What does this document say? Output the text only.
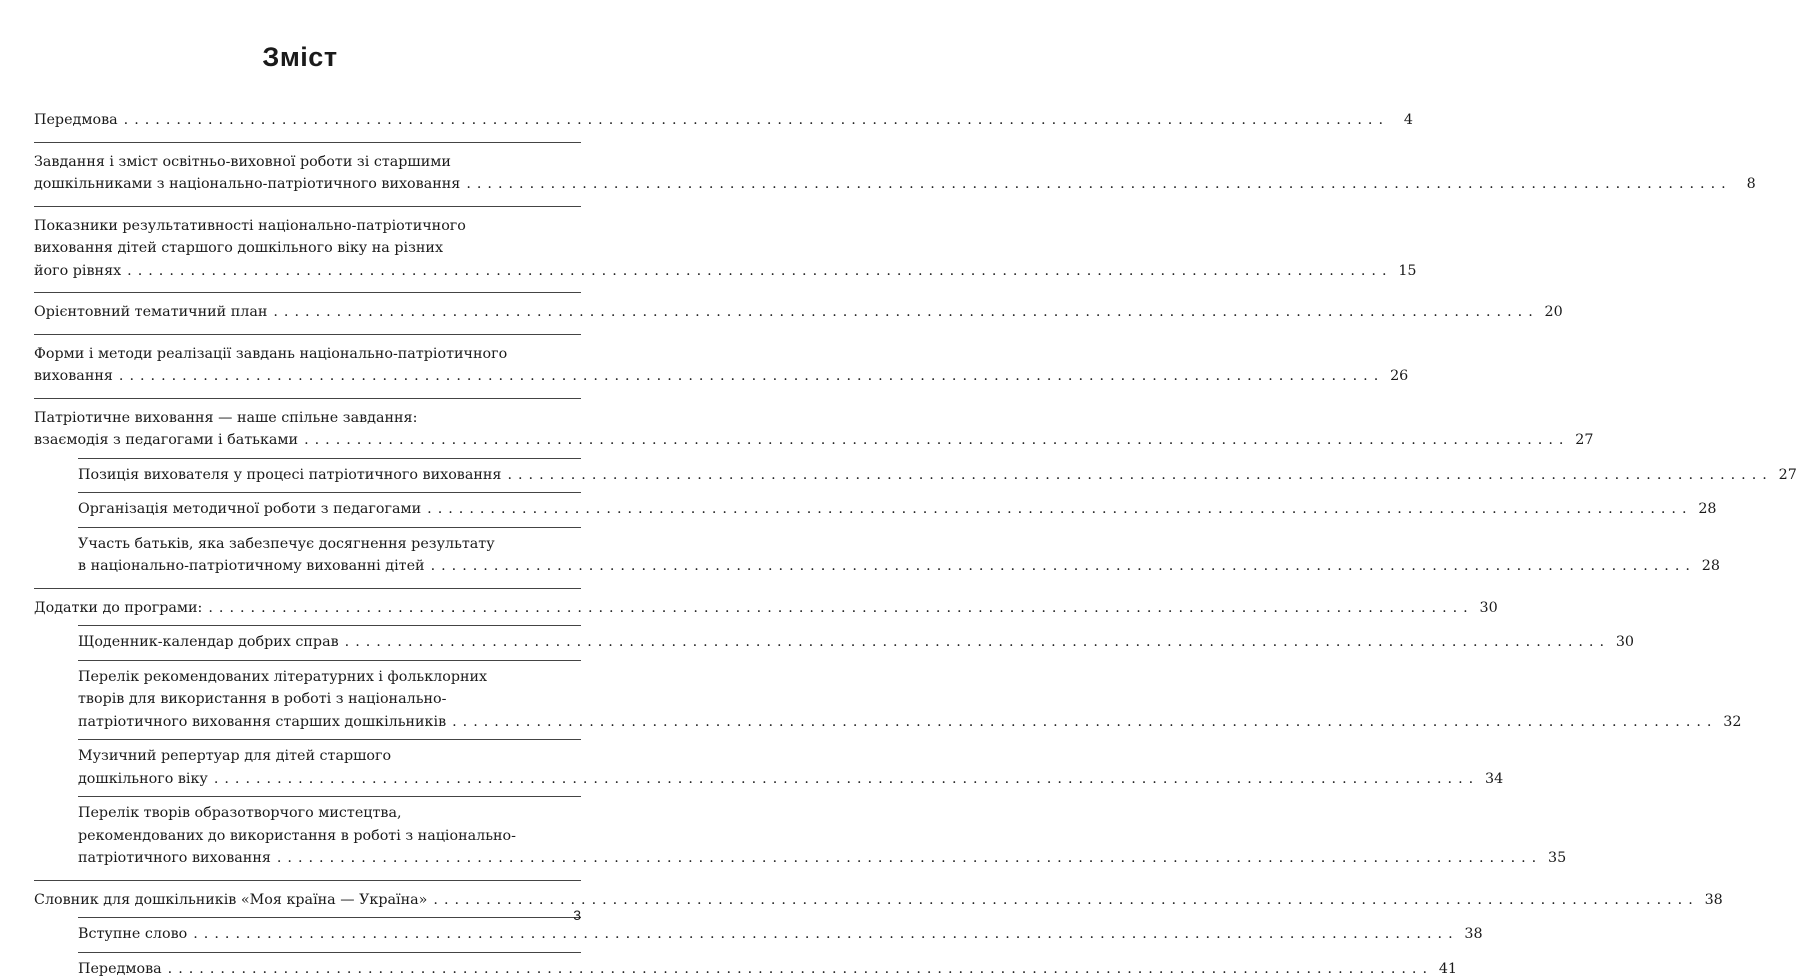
Зміст
Передмова ........................................................................................................................	4
Завдання і зміст освітньо-виховної роботи зі старшими
дошкільниками з національно-патріотичного виховання ........................................................................................................................	8
Показники результативності національно-патріотичного
виховання дітей старшого дошкільного віку на різних
його рівнях ........................................................................................................................ 15
Орієнтовний тематичний план ........................................................................................................................ 20
Форми і методи реалізації завдань національно-патріотичного
виховання ........................................................................................................................ 26
Патріотичне виховання — наше спільне завдання:
взаємодія з педагогами і батьками ........................................................................................................................ 27
Позиція вихователя у процесі патріотичного виховання ........................................................................................................................ 27
Організація методичної роботи з педагогами ........................................................................................................................ 28
Участь батьків, яка забезпечує досягнення результату
в національно-патріотичному вихованні дітей ........................................................................................................................ 28
Додатки до програми: ........................................................................................................................ 30
Щоденник-календар добрих справ ........................................................................................................................ 30
Перелік рекомендованих літературних і фольклорних
творів для використання в роботі з національно-
патріотичного виховання старших дошкільників ........................................................................................................................ 32
Музичний репертуар для дітей старшого
дошкільного віку ........................................................................................................................ 34
Перелік творів образотворчого мистецтва,
рекомендованих до використання в роботі з національно-
патріотичного виховання ........................................................................................................................ 35
Словник для дошкільників «Моя країна — Україна» ........................................................................................................................ 38
Вступне слово ........................................................................................................................ 38
Передмова ........................................................................................................................ 41
3
